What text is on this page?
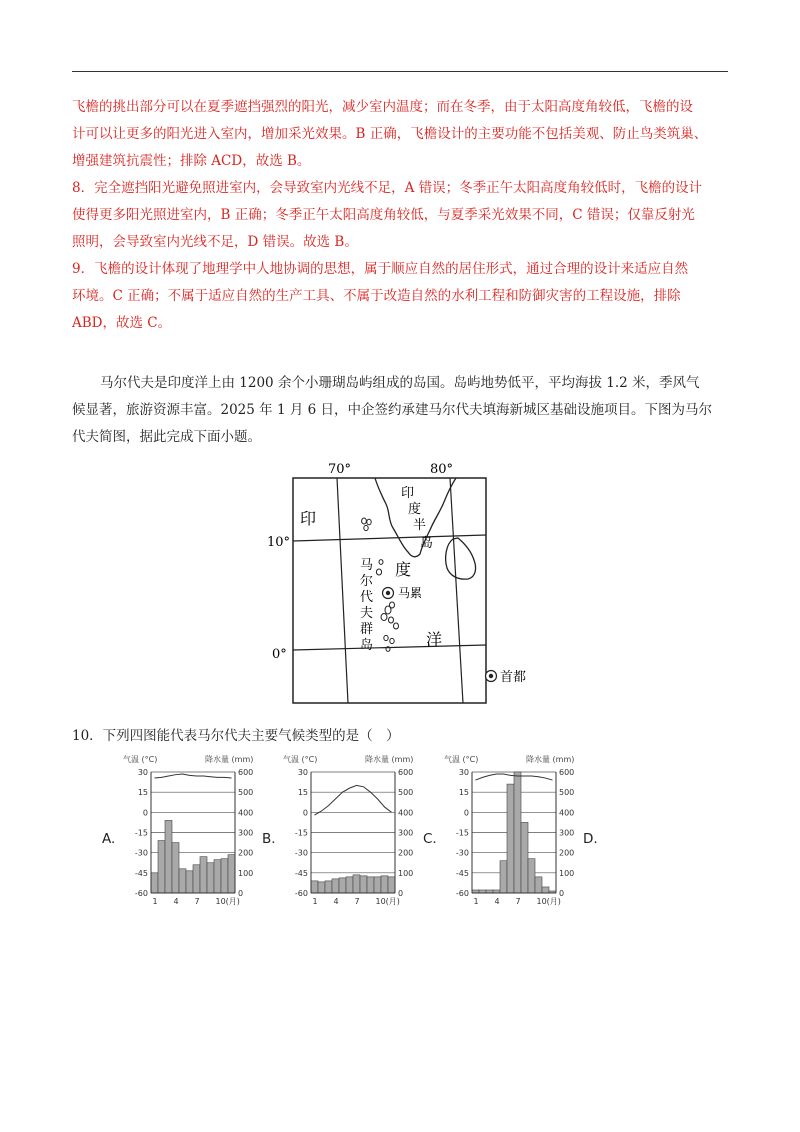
飞檐的挑出部分可以在夏季遮挡强烈的阳光，减少室内温度；而在冬季，由于太阳高度角较低，飞檐的设
计可以让更多的阳光进入室内，增加采光效果。B 正确，飞檐设计的主要功能不包括美观、防止鸟类筑巢、
增强建筑抗震性；排除 ACD，故选 B。
8．完全遮挡阳光避免照进室内，会导致室内光线不足，A 错误；冬季正午太阳高度角较低时，飞檐的设计
使得更多阳光照进室内，B 正确；冬季正午太阳高度角较低，与夏季采光效果不同，C 错误；仅靠反射光
照明，会导致室内光线不足，D 错误。故选 B。
9．飞檐的设计体现了地理学中人地协调的思想，属于顺应自然的居住形式，通过合理的设计来适应自然
环境。C 正确；不属于适应自然的生产工具、不属于改造自然的水利工程和防御灾害的工程设施，排除
ABD，故选 C。
马尔代夫是印度洋上由 1200 余个小珊瑚岛屿组成的岛国。岛屿地势低平，平均海拔 1.2 米，季风气
候显著，旅游资源丰富。2025 年 1 月 6 日，中企签约承建马尔代夫填海新城区基础设施项目。下图为马尔
代夫简图，据此完成下面小题。
70°	80°
10°
0°
印
印
度
半
岛
度
洋
马
尔
代
夫
群
岛
马累
首都
10．下列四图能代表马尔代夫主要气候类型的是（　）
A.	B.	C.	D.
气温 (°C)	降水量 (mm)
30	600
15	500
0	400
-15	300
-30	200
-45	100
-60	0
1 4 7 10(月)
气温 (°C)	降水量 (mm)
30	600
15	500
0	400
-15	300
-30	200
-45	100
-60	0
1 4 7 10(月)
气温 (°C)	降水量 (mm)
30	600
15	500
0	400
-15	300
-30	200
-45	100
-60	0
1 4 7 10(月)
